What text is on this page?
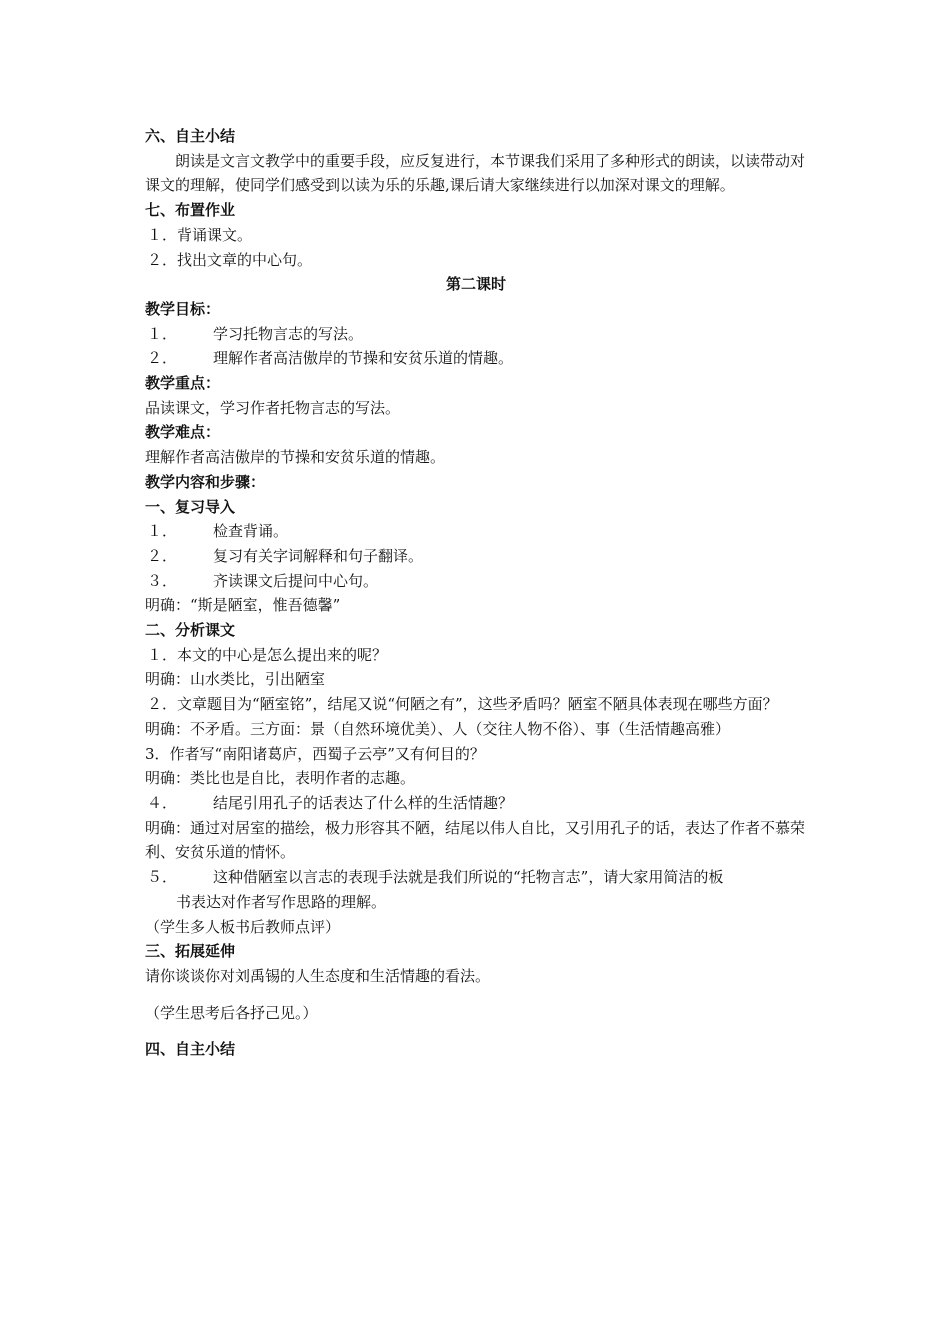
六、自主小结
朗读是文言文教学中的重要手段，应反复进行，本节课我们采用了多种形式的朗读，以读带动对课文的理解，使同学们感受到以读为乐的乐趣,课后请大家继续进行以加深对课文的理解。
七、布置作业
１．背诵课文。
２．找出文章的中心句。
第二课时
教学目标：
１． 学习托物言志的写法。
２． 理解作者高洁傲岸的节操和安贫乐道的情趣。
教学重点：
品读课文，学习作者托物言志的写法。
教学难点：
理解作者高洁傲岸的节操和安贫乐道的情趣。
教学内容和步骤：
一、复习导入
１． 检查背诵。
２． 复习有关字词解释和句子翻译。
３． 齐读课文后提问中心句。
明确：“斯是陋室，惟吾德馨”
二、分析课文
１．本文的中心是怎么提出来的呢？
明确：山水类比，引出陋室
２．文章题目为“陋室铭”，结尾又说“何陋之有”，这些矛盾吗？陋室不陋具体表现在哪些方面？
明确：不矛盾。三方面：景（自然环境优美）、人（交往人物不俗）、事（生活情趣高雅）
3．作者写“南阳诸葛庐，西蜀子云亭”又有何目的？
明确：类比也是自比，表明作者的志趣。
４． 结尾引用孔子的话表达了什么样的生活情趣？
明确：通过对居室的描绘，极力形容其不陋，结尾以伟人自比，又引用孔子的话，表达了作者不慕荣利、安贫乐道的情怀。
５． 这种借陋室以言志的表现手法就是我们所说的“托物言志”，请大家用简洁的板
书表达对作者写作思路的理解。
（学生多人板书后教师点评）
三、拓展延伸
请你谈谈你对刘禹锡的人生态度和生活情趣的看法。
（学生思考后各抒己见。）
四、自主小结
